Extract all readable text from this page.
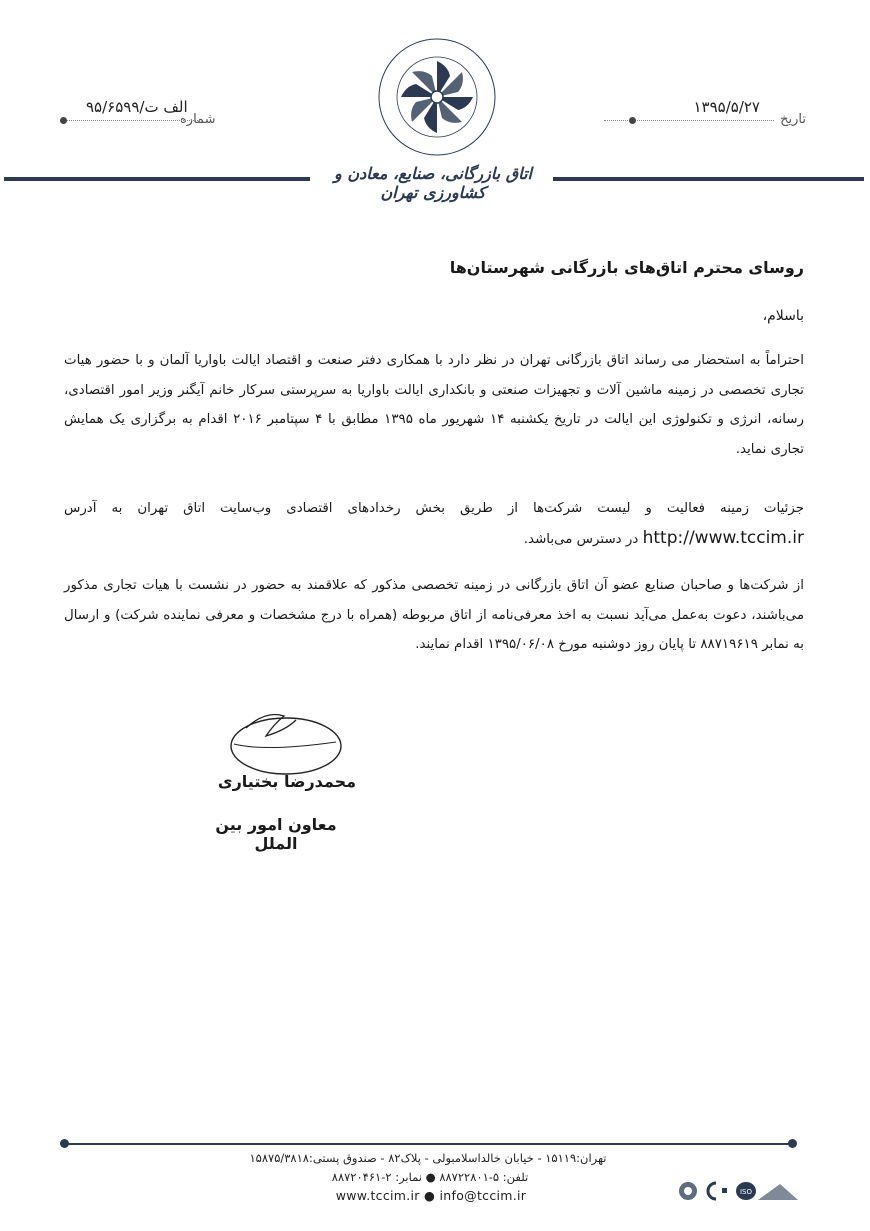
تاریخ
۱۳۹۵/۵/۲۷
شماره
۹۵/۶۵۹۹/الف ت
اتاق بازرگانی، صنایع، معادن و کشاورزی تهران
روسای محترم اتاق‌های بازرگانی شهرستان‌ها
باسلام،
احتراماً به استحضار می رساند اتاق بازرگانی تهران در نظر دارد با همکاری دفتر صنعت و اقتصاد ایالت باواریا آلمان و با حضور هیات تجاری تخصصی در زمینه ماشین آلات و تجهیزات صنعتی و بانکداری ایالت باواریا به سرپرستی سرکار خانم آیگنر وزیر امور اقتصادی، رسانه، انرژی و تکنولوژی این ایالت در تاریخ یکشنبه ۱۴ شهریور ماه ۱۳۹۵ مطابق با ۴ سپتامبر ۲۰۱۶ اقدام به برگزاری یک همایش تجاری نماید.
جزئیات زمینه فعالیت و لیست شرکت‌ها از طریق بخش رخدادهای اقتصادی وب‌سایت اتاق تهران به آدرس http://www.tccim.ir در دسترس می‌باشد.
از شرکت‌ها و صاحبان صنایع عضو آن اتاق بازرگانی در زمینه تخصصی مذکور که علاقمند به حضور در نشست با هیات تجاری مذکور می‌باشند، دعوت به‌عمل می‌آید نسبت به اخذ معرفی‌نامه از اتاق مربوطه (همراه با درج مشخصات و معرفی نماینده شرکت) و ارسال به نمابر ۸۸۷۱۹۶۱۹ تا پایان روز دوشنبه مورخ ۱۳۹۵/۰۶/۰۸ اقدام نمایند.
محمدرضا بختیاری
معاون امور بین الملل
تهران:۱۵۱۱۹ - خیابان خالداسلامبولی - پلاک۸۲ - صندوق پستی:۱۵۸۷۵/۳۸۱۸
تلفن: ۵-۸۸۷۲۲۸۰۱ ● نمابر: ۲-۸۸۷۲۰۴۶۱
www.tccim.ir ● info@tccim.ir	ISO
